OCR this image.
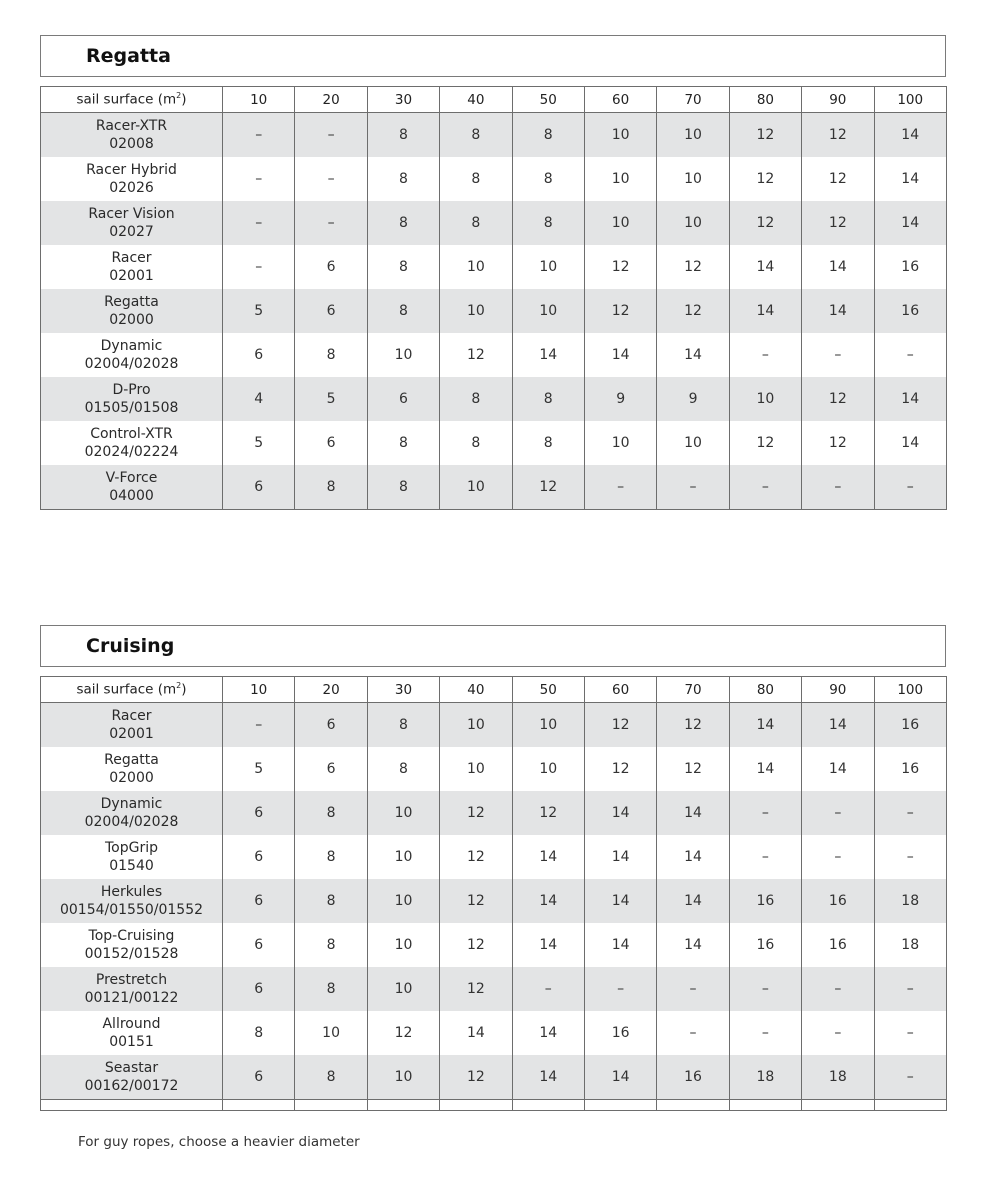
Regatta
sail surface $(m^2)$	10	20	30	40	50	60	70	80	90	100

Racer-XTR
02008	–	–	8	8	8	10	10	12	12	14

Racer Hybrid
02026	–	–	8	8	8	10	10	12	12	14

Racer Vision
02027	–	–	8	8	8	10	10	12	12	14

Racer
02001	–	6	8	10	10	12	12	14	14	16

Regatta
02000	5	6	8	10	10	12	12	14	14	16

Dynamic
02004/02028	6	8	10	12	14	14	14	–	–	–

D-Pro
01505/01508	4	5	6	8	8	9	9	10	12	14

Control-XTR
02024/02224	5	6	8	8	8	10	10	12	12	14

V-Force
04000	6	8	8	10	12	–	–	–	–	–
Cruising
sail surface $(m^2)$	10	20	30	40	50	60	70	80	90	100

Racer
02001	–	6	8	10	10	12	12	14	14	16

Regatta
02000	5	6	8	10	10	12	12	14	14	16

Dynamic
02004/02028	6	8	10	12	12	14	14	–	–	–

TopGrip
01540	6	8	10	12	14	14	14	–	–	–

Herkules
00154/01550/01552	6	8	10	12	14	14	14	16	16	18

Top-Cruising
00152/01528	6	8	10	12	14	14	14	16	16	18

Prestretch
00121/00122	6	8	10	12	–	–	–	–	–	–

Allround
00151	8	10	12	14	14	16	–	–	–	–

Seastar
00162/00172	6	8	10	12	14	14	16	18	18	–

For guy ropes, choose a heavier diameter
